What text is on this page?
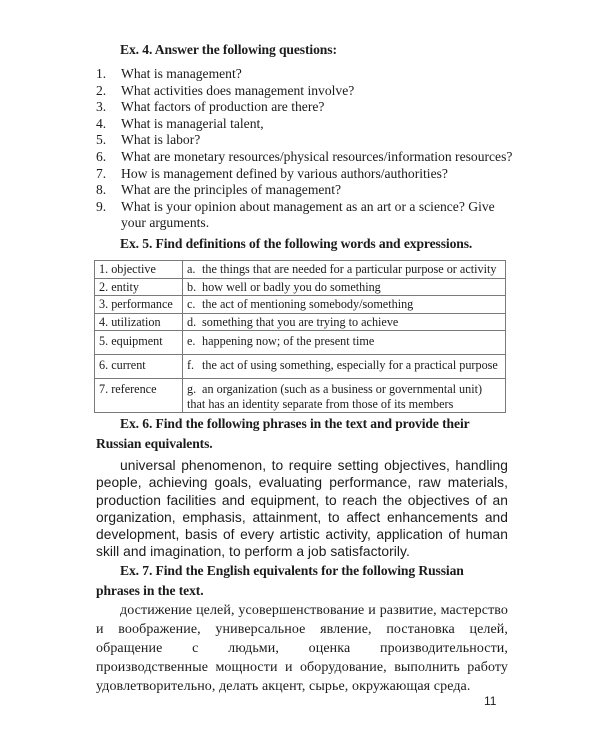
Ex. 4. Answer the following questions:
1. What is management?
2. What activities does management involve?
3. What factors of production are there?
4. What is managerial talent,
5. What is labor?
6. What are monetary resources/physical resources/information resources?
7. How is management defined by various authors/authorities?
8. What are the principles of management?
9. What is your opinion about management as an art or a science? Give your arguments.
Ex. 5. Find definitions of the following words and expressions.
1. objective	a. the things that are needed for a particular purpose or activity
2. entity	b. how well or badly you do something
3. performance	c. the act of mentioning somebody/something
4. utilization	d. something that you are trying to achieve
5. equipment	e. happening now; of the present time
6. current	f. the act of using something, especially for a practical purpose
7. reference	g. an organization (such as a business or governmental unit) that has an identity separate from those of its members
Ex. 6. Find the following phrases in the text and provide their Russian equivalents.

universal phenomenon, to require setting objectives, handling people, achieving goals, evaluating performance, raw materials, production facilities and equipment, to reach the objectives of an organization, emphasis, attainment, to affect enhancements and development, basis of every artistic activity, application of human skill and imagination, to perform a job satisfactorily.

Ex. 7. Find the English equivalents for the following Russian phrases in the text.

достижение целей, усовершенствование и развитие, мастерство и воображение, универсальное явление, постановка целей, обращение с людьми, оценка производительности, производственные мощности и оборудование, выполнить работу удовлетворительно, делать акцент, сырье, окружающая среда.

11
